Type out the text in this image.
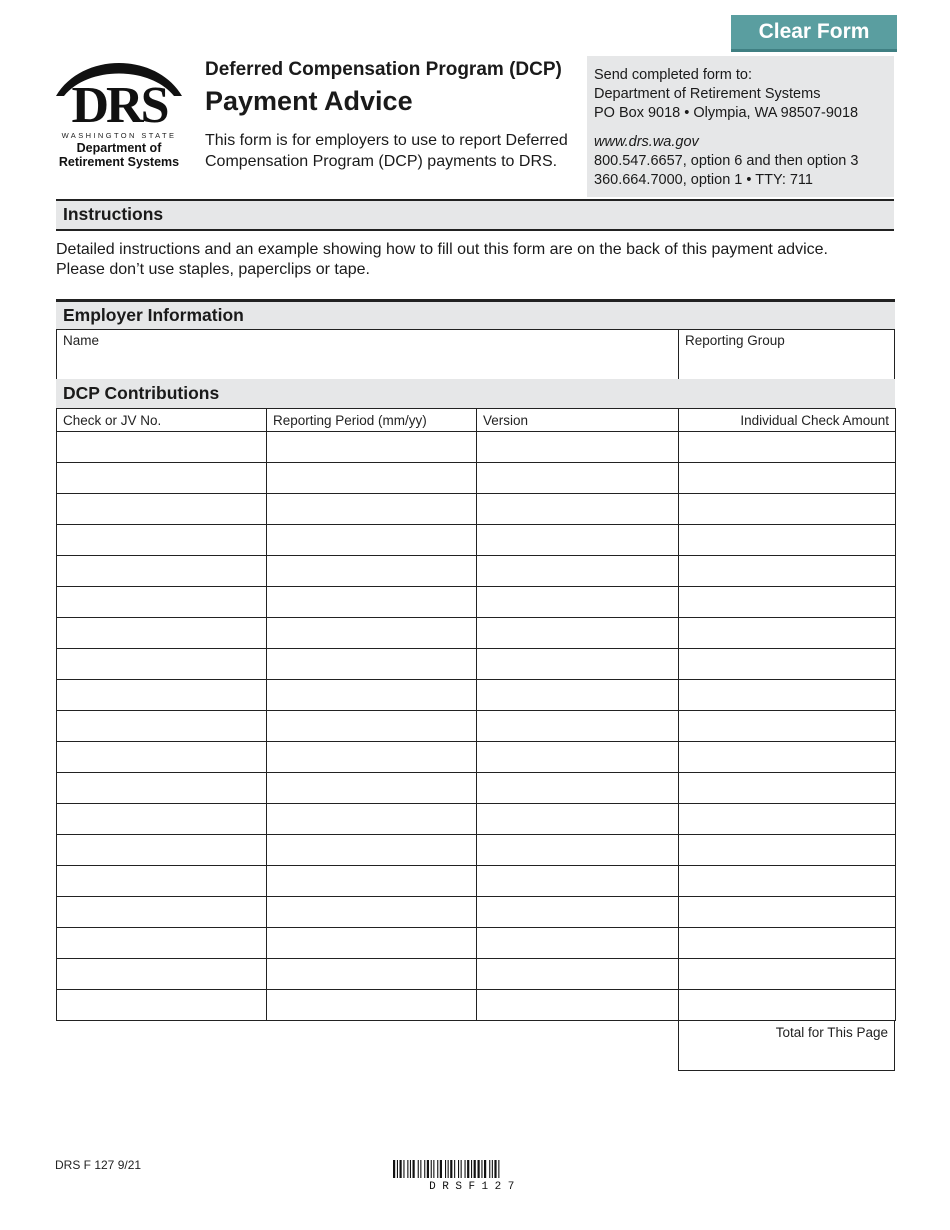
Clear Form
DRS
WASHINGTON STATE
Department of
Retirement Systems
Deferred Compensation Program (DCP)
Payment Advice
This form is for employers to use to report Deferred Compensation Program (DCP) payments to DRS.
Send completed form to:
Department of Retirement Systems
PO Box 9018 • Olympia, WA 98507-9018
www.drs.wa.gov
800.547.6657, option 6 and then option 3
360.664.7000, option 1 • TTY: 711
Instructions
Detailed instructions and an example showing how to fill out this form are on the back of this payment advice.
Please don’t use staples, paperclips or tape.
Employer Information
Name	Reporting Group
DCP Contributions
Check or JV No.	Reporting Period (mm/yy)	Version	Individual Check Amount

Total for This Page
DRS F 127 9/21
DRSF127
